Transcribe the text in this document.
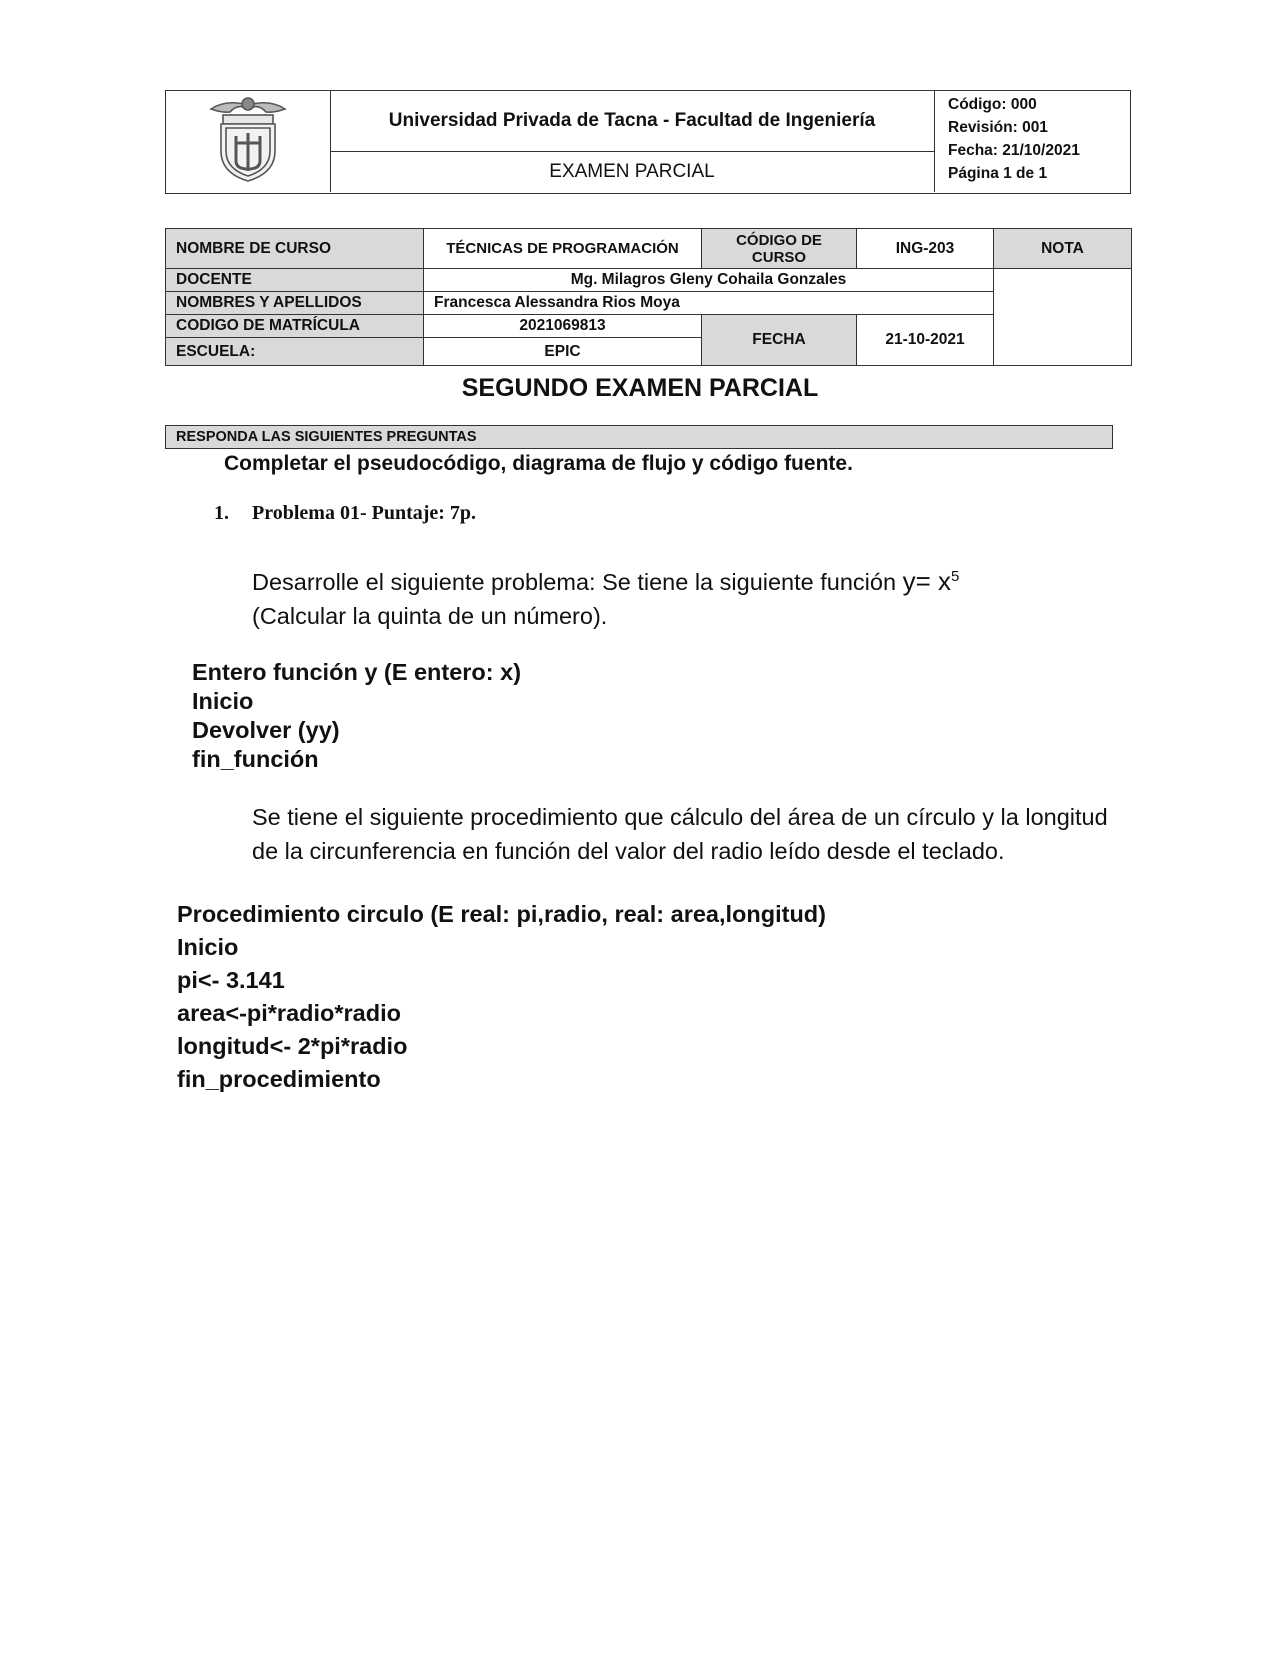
Universidad Privada de Tacna - Facultad de Ingeniería
EXAMEN PARCIAL
Código: 000
Revisión: 001
Fecha: 21/10/2021
Página 1 de 1
NOMBRE DE CURSO	TÉCNICAS DE PROGRAMACIÓN	CÓDIGO DE CURSO	ING-203	NOTA
DOCENTE	Mg. Milagros Gleny Cohaila Gonzales			
NOMBRES Y APELLIDOS	Francesca Alessandra Rios Moya			
CODIGO DE MATRÍCULA	2021069813	FECHA	21-10-2021	
ESCUELA:	EPIC			
SEGUNDO EXAMEN PARCIAL
RESPONDA LAS SIGUIENTES PREGUNTAS
Completar el pseudocódigo, diagrama de flujo y código fuente.
1. Problema 01- Puntaje: 7p.
Desarrolle el siguiente problema: Se tiene la siguiente función $y= x^5$
(Calcular la quinta de un número).
Entero función y (E entero: x)
Inicio
Devolver (yy)
fin_función
Se tiene el siguiente procedimiento que cálculo del área de un círculo y la longitud de la circunferencia en función del valor del radio leído desde el teclado.
Procedimiento circulo (E real: pi,radio, real: area,longitud)
Inicio
pi<- 3.141
area<-pi*radio*radio
longitud<- 2*pi*radio
fin_procedimiento
